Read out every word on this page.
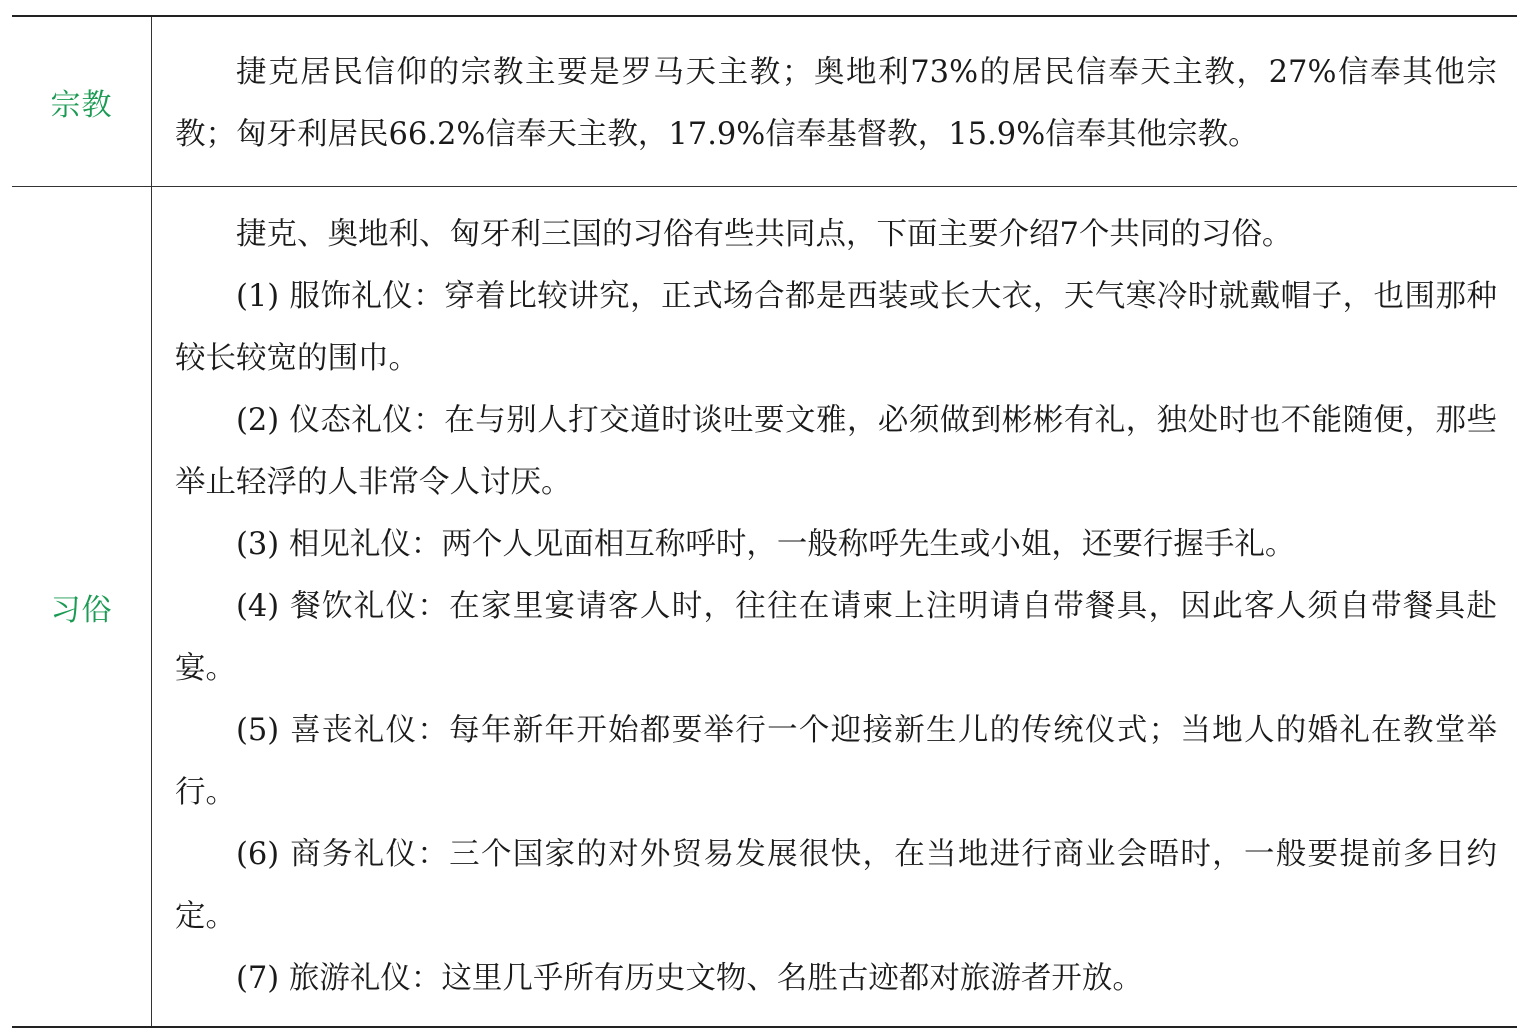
宗教

捷克居民信仰的宗教主要是罗马天主教；奥地利73%的居民信奉天主教，27%信奉其他宗教；匈牙利居民66.2%信奉天主教，17.9%信奉基督教，15.9%信奉其他宗教。

习俗

捷克、奥地利、匈牙利三国的习俗有些共同点，下面主要介绍7个共同的习俗。

(1) 服饰礼仪：穿着比较讲究，正式场合都是西装或长大衣，天气寒冷时就戴帽子，也围那种较长较宽的围巾。

(2) 仪态礼仪：在与别人打交道时谈吐要文雅，必须做到彬彬有礼，独处时也不能随便，那些举止轻浮的人非常令人讨厌。

(3) 相见礼仪：两个人见面相互称呼时，一般称呼先生或小姐，还要行握手礼。

(4) 餐饮礼仪：在家里宴请客人时，往往在请柬上注明请自带餐具，因此客人须自带餐具赴宴。

(5) 喜丧礼仪：每年新年开始都要举行一个迎接新生儿的传统仪式；当地人的婚礼在教堂举行。

(6) 商务礼仪：三个国家的对外贸易发展很快，在当地进行商业会晤时，一般要提前多日约定。

(7) 旅游礼仪：这里几乎所有历史文物、名胜古迹都对旅游者开放。
